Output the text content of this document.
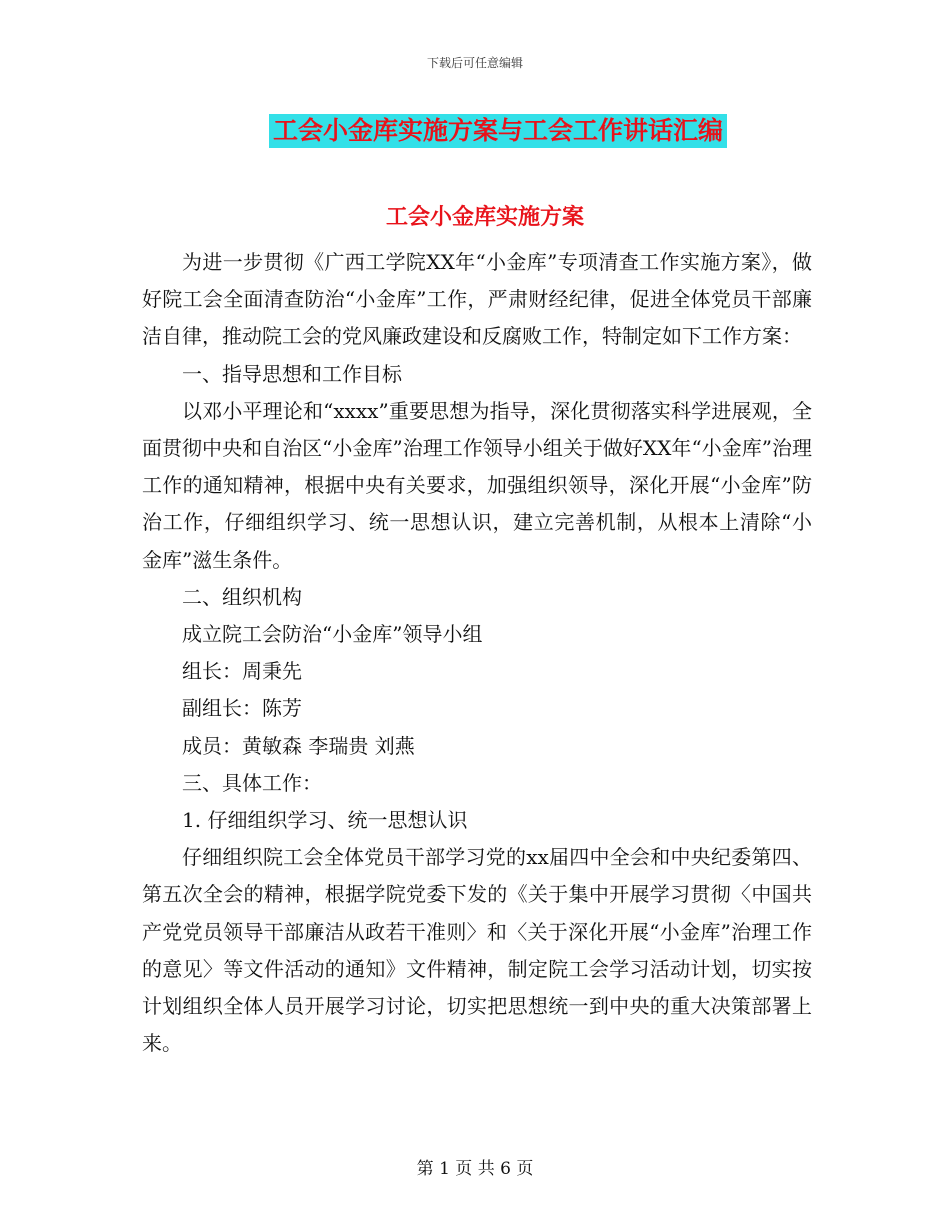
下载后可任意编辑
工会小金库实施方案与工会工作讲话汇编
工会小金库实施方案

为进一步贯彻《广西工学院XX年“小金库”专项清查工作实施方案》，做好院工会全面清查防治“小金库”工作，严肃财经纪律，促进全体党员干部廉洁自律，推动院工会的党风廉政建设和反腐败工作，特制定如下工作方案：

一、指导思想和工作目标

以邓小平理论和“xxxx”重要思想为指导，深化贯彻落实科学进展观，全面贯彻中央和自治区“小金库”治理工作领导小组关于做好XX年“小金库”治理工作的通知精神，根据中央有关要求，加强组织领导，深化开展“小金库”防治工作，仔细组织学习、统一思想认识，建立完善机制，从根本上清除“小金库”滋生条件。

二、组织机构

成立院工会防治“小金库”领导小组

组长：周秉先

副组长：陈芳

成员：黄敏森 李瑞贵 刘燕

三、具体工作：

1. 仔细组织学习、统一思想认识

仔细组织院工会全体党员干部学习党的xx届四中全会和中央纪委第四、第五次全会的精神，根据学院党委下发的《关于集中开展学习贯彻〈中国共产党党员领导干部廉洁从政若干准则〉和〈关于深化开展“小金库”治理工作的意见〉等文件活动的通知》文件精神，制定院工会学习活动计划，切实按计划组织全体人员开展学习讨论，切实把思想统一到中央的重大决策部署上来。

第 1 页 共 6 页
